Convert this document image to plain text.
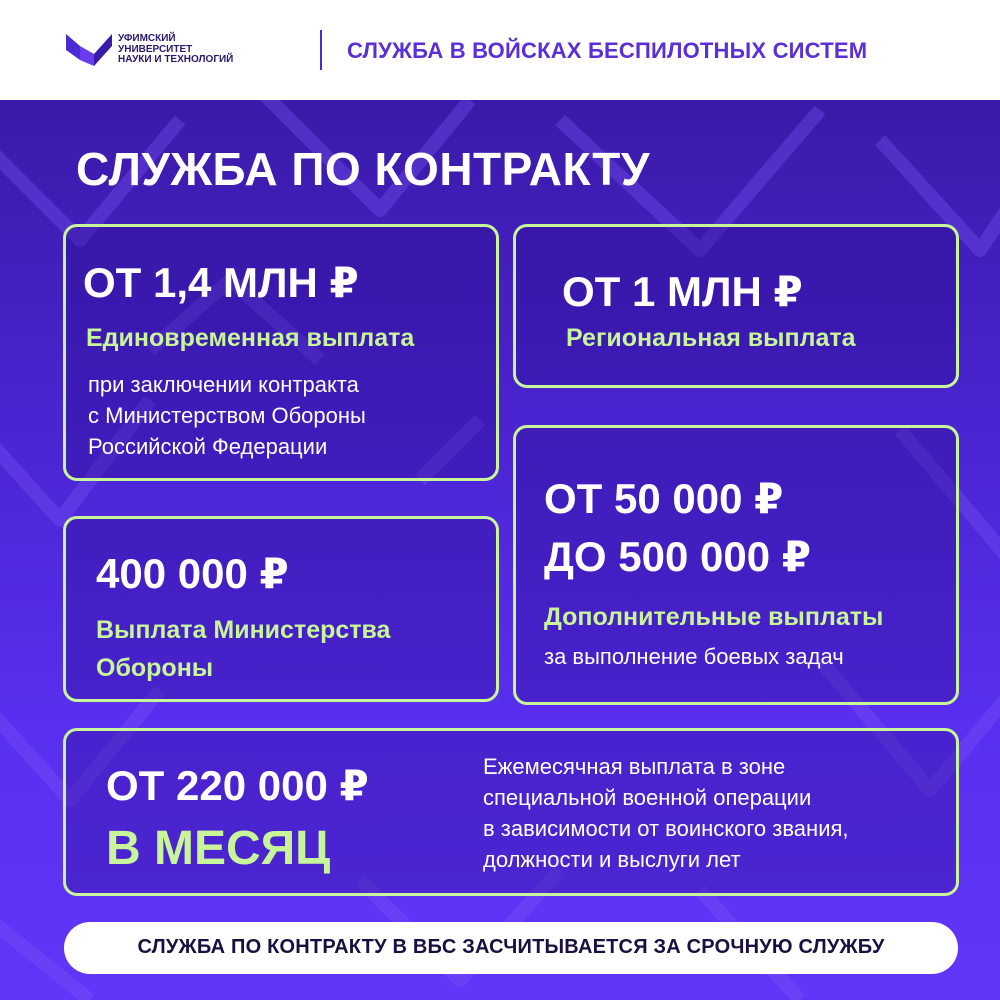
УФИМСКИЙ
УНИВЕРСИТЕТ
НАУКИ И ТЕХНОЛОГИЙ	СЛУЖБА В ВОЙСКАХ БЕСПИЛОТНЫХ СИСТЕМ
СЛУЖБА ПО КОНТРАКТУ
ОТ 1,4 МЛН ₽
Единовременная выплата
при заключении контракта
с Министерством Обороны
Российской Федерации
ОТ 1 МЛН ₽
Региональная выплата
400 000 ₽
Выплата Министерства
Обороны
ОТ 50 000 ₽
ДО 500 000 ₽
Дополнительные выплаты
за выполнение боевых задач
ОТ 220 000 ₽
В МЕСЯЦ
Ежемесячная выплата в зоне
специальной военной операции
в зависимости от воинского звания,
должности и выслуги лет
СЛУЖБА ПО КОНТРАКТУ В ВБС ЗАСЧИТЫВАЕТСЯ ЗА СРОЧНУЮ СЛУЖБУ
